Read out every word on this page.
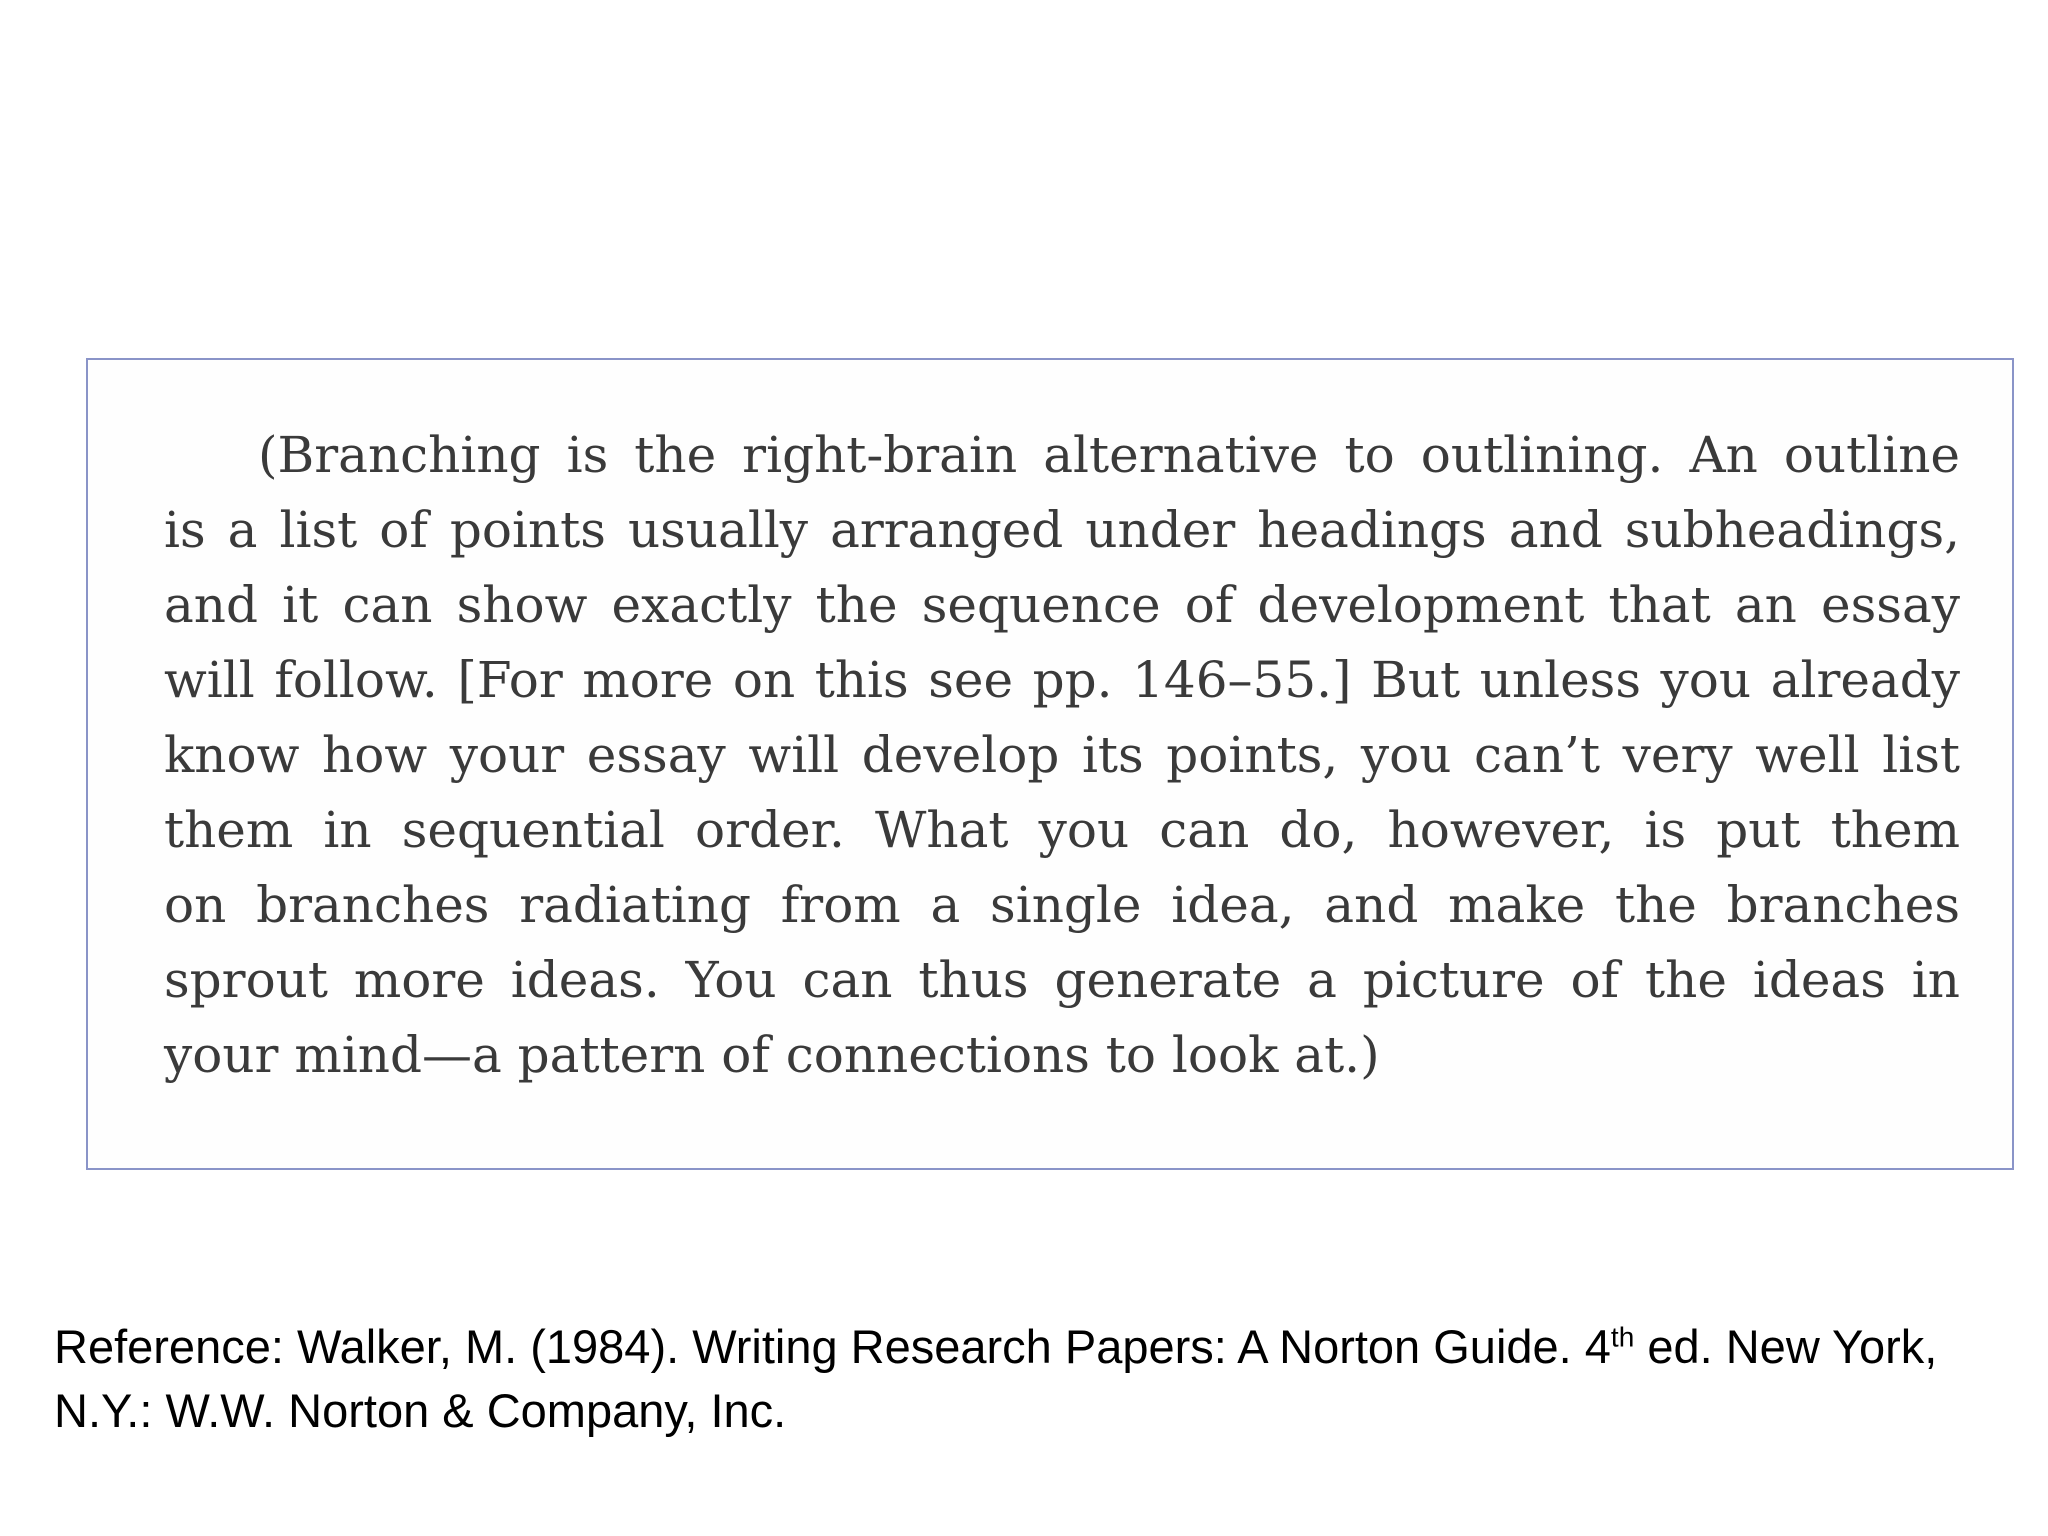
(Branching is the right-brain alternative to outlining. An outline
is a list of points usually arranged under headings and subheadings,
and it can show exactly the sequence of development that an essay
will follow. [For more on this see pp. 146–55.] But unless you already
know how your essay will develop its points, you can’t very well list
them in sequential order. What you can do, however, is put them
on branches radiating from a single idea, and make the branches
sprout more ideas. You can thus generate a picture of the ideas in
your mind—a pattern of connections to look at.)
Reference: Walker, M. (1984). Writing Research Papers: A Norton Guide. 4th ed. New York, N.Y.: W.W. Norton & Company, Inc.
